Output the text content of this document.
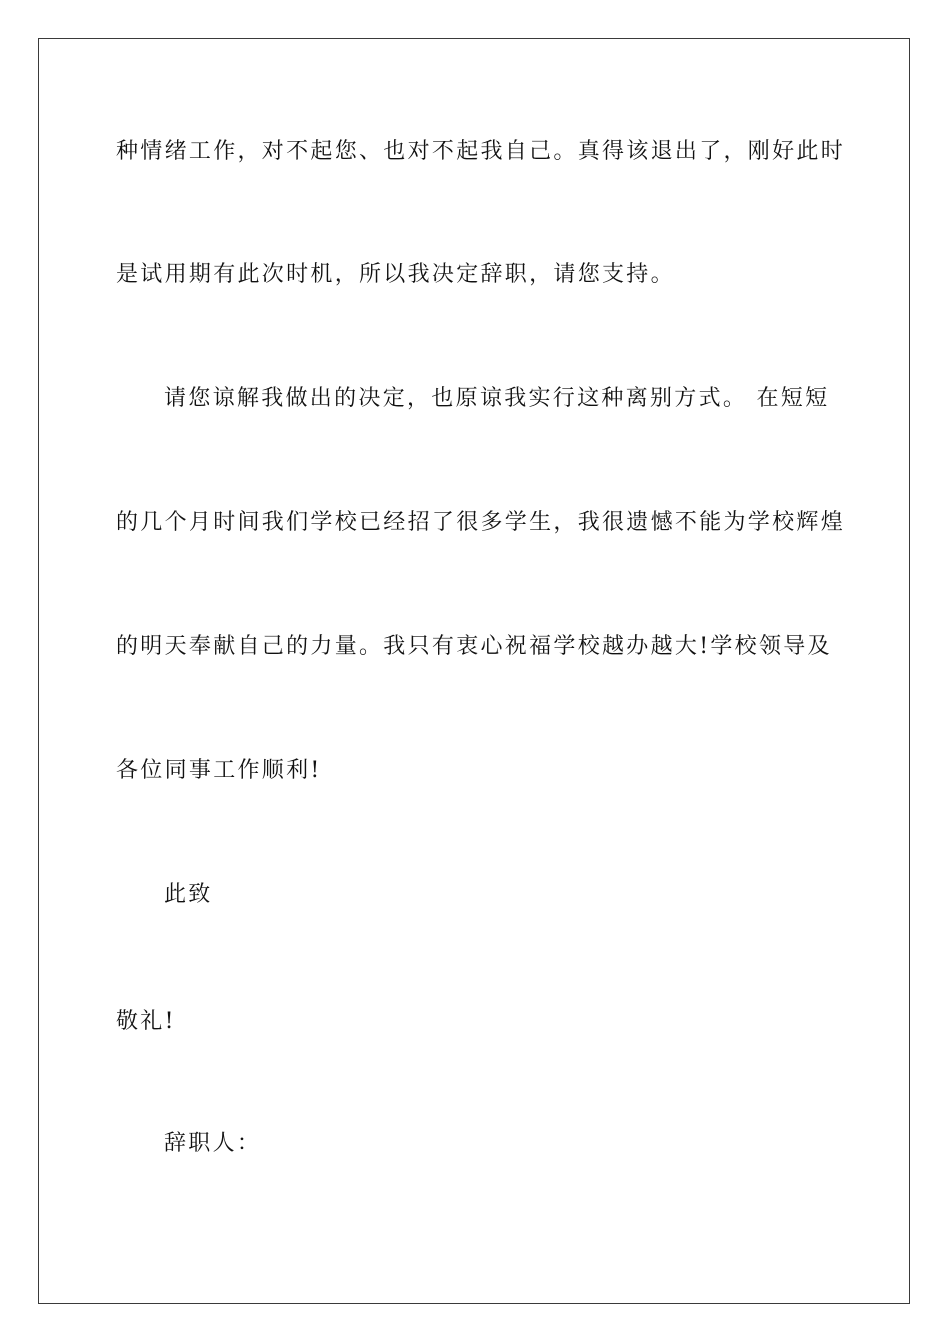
种情绪工作，对不起您、也对不起我自己。真得该退出了，刚好此时
是试用期有此次时机，所以我决定辞职，请您支持。
请您谅解我做出的决定，也原谅我实行这种离别方式。 在短短
的几个月时间我们学校已经招了很多学生，我很遗憾不能为学校辉煌
的明天奉献自己的力量。我只有衷心祝福学校越办越大!学校领导及
各位同事工作顺利!
此致
敬礼!
辞职人：
